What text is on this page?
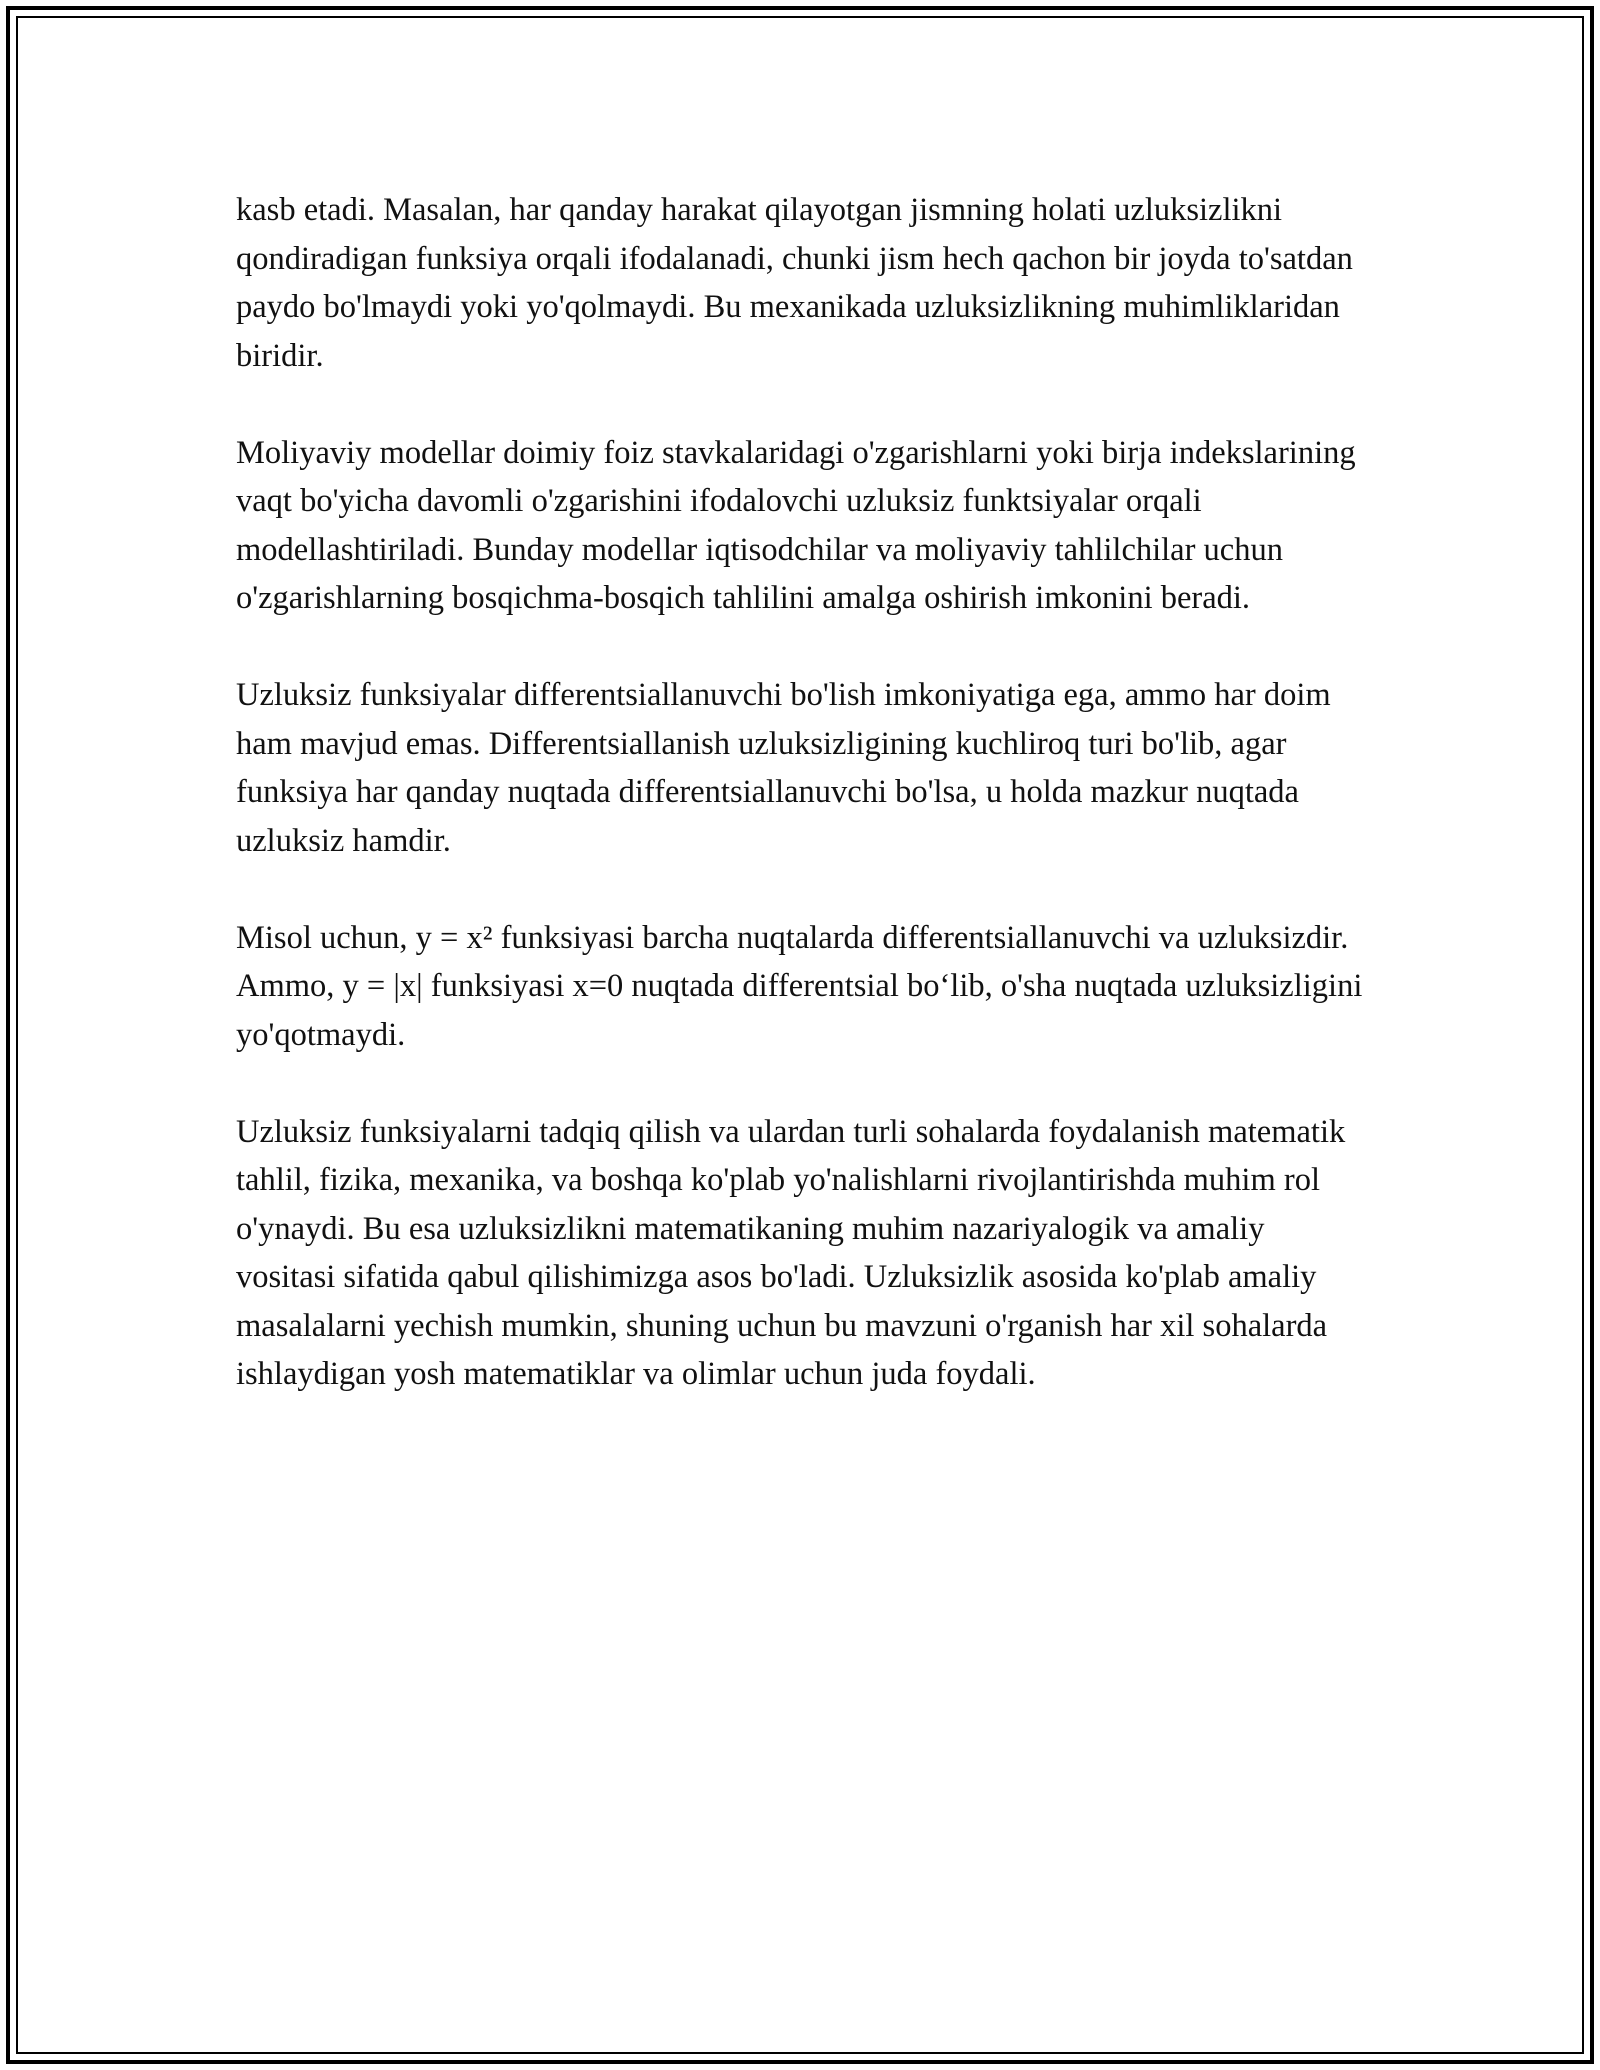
kasb etadi. Masalan, har qanday harakat qilayotgan jismning holati uzluksizlikni qondiradigan funksiya orqali ifodalanadi, chunki jism hech qachon bir joyda to'satdan paydo bo'lmaydi yoki yo'qolmaydi. Bu mexanikada uzluksizlikning muhimliklaridan biridir.

Moliyaviy modellar doimiy foiz stavkalaridagi o'zgarishlarni yoki birja indekslarining vaqt bo'yicha davomli o'zgarishini ifodalovchi uzluksiz funktsiyalar orqali modellashtiriladi. Bunday modellar iqtisodchilar va moliyaviy tahlilchilar uchun o'zgarishlarning bosqichma-bosqich tahlilini amalga oshirish imkonini beradi.

Uzluksiz funksiyalar differentsiallanuvchi bo'lish imkoniyatiga ega, ammo har doim ham mavjud emas. Differentsiallanish uzluksizligining kuchliroq turi bo'lib, agar funksiya har qanday nuqtada differentsiallanuvchi bo'lsa, u holda mazkur nuqtada uzluksiz hamdir.

Misol uchun, y = x² funksiyasi barcha nuqtalarda differentsiallanuvchi va uzluksizdir. Ammo, y = |x| funksiyasi x=0 nuqtada differentsial bo‘lib, o'sha nuqtada uzluksizligini yo'qotmaydi.

Uzluksiz funksiyalarni tadqiq qilish va ulardan turli sohalarda foydalanish matematik tahlil, fizika, mexanika, va boshqa ko'plab yo'nalishlarni rivojlantirishda muhim rol o'ynaydi. Bu esa uzluksizlikni matematikaning muhim nazariyalogik va amaliy vositasi sifatida qabul qilishimizga asos bo'ladi. Uzluksizlik asosida ko'plab amaliy masalalarni yechish mumkin, shuning uchun bu mavzuni o'rganish har xil sohalarda ishlaydigan yosh matematiklar va olimlar uchun juda foydali.
